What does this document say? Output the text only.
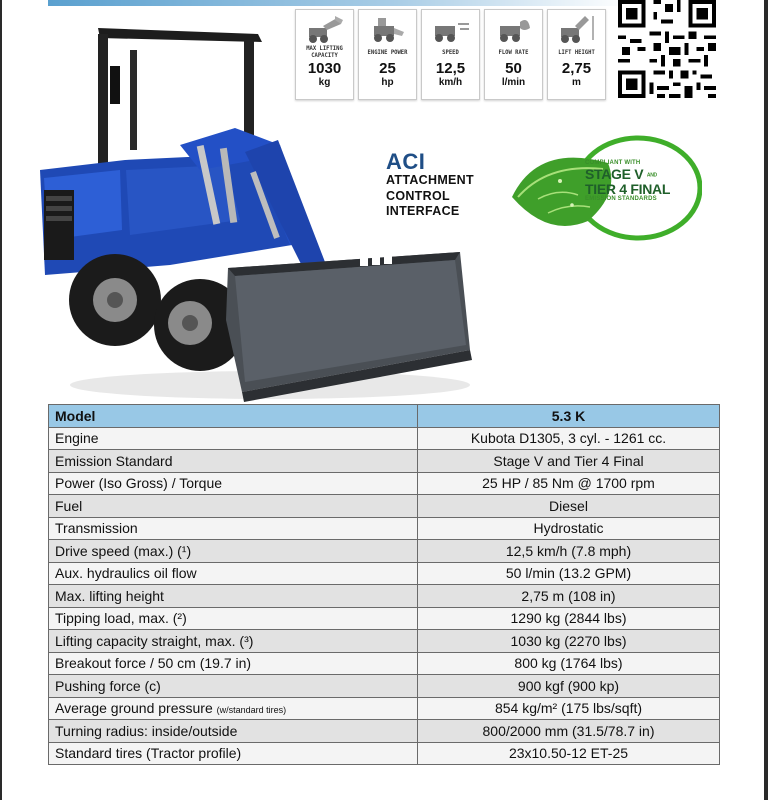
MAX LIFTING CAPACITY
1030
kg
ENGINE POWER
25
hp
SPEED
12,5
km/h
FLOW RATE
50
l/min
LIFT HEIGHT
2,75
m
ACI
ATTACHMENT
CONTROL
INTERFACE
COMPLIANT WITH
STAGE V AND
TIER 4 FINAL
EMISSION STANDARDS
Model	5.3 K
Engine	Kubota D1305, 3 cyl. - 1261 cc.
Emission Standard	Stage V and Tier 4 Final
Power (Iso Gross) / Torque	25 HP / 85 Nm @ 1700 rpm
Fuel	Diesel
Transmission	Hydrostatic
Drive speed (max.) (¹)	12,5 km/h (7.8 mph)
Aux. hydraulics oil flow	50 l/min (13.2 GPM)
Max. lifting height	2,75 m (108 in)
Tipping load, max. (²)	1290 kg (2844 lbs)
Lifting capacity straight, max. (³)	1030 kg (2270 lbs)
Breakout force / 50 cm (19.7 in)	800 kg (1764 lbs)
Pushing force (c)	900 kgf (900 kp)
Average ground pressure (w/standard tires)	854 kg/m² (175 lbs/sqft)
Turning radius: inside/outside	800/2000 mm (31.5/78.7 in)
Standard tires (Tractor profile)	23x10.50-12 ET-25
